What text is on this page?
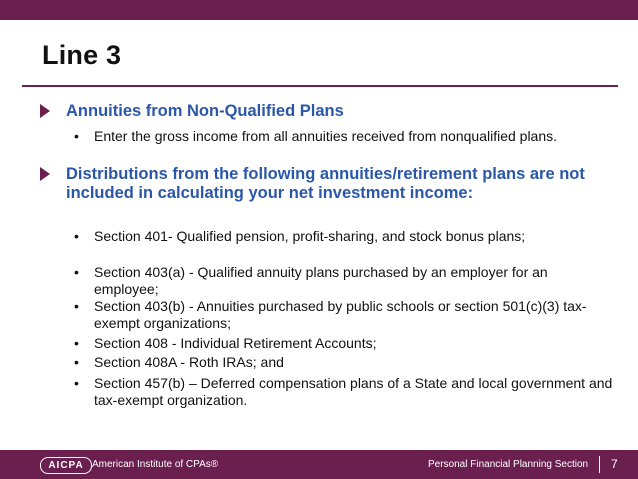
Line 3

Annuities from Non-Qualified Plans

• Enter the gross income from all annuities received from nonqualified plans.

Distributions from the following annuities/retirement plans are not included in calculating your net investment income:

• Section 401- Qualified pension, profit-sharing, and stock bonus plans;
• Section 403(a) - Qualified annuity plans purchased by an employer for an employee;
• Section 403(b) - Annuities purchased by public schools or section 501(c)(3) tax-exempt organizations;
• Section 408 - Individual Retirement Accounts;
• Section 408A - Roth IRAs; and
• Section 457(b) – Deferred compensation plans of a State and local government and tax-exempt organization.
AICPA American Institute of CPAs®	Personal Financial Planning Section 7
